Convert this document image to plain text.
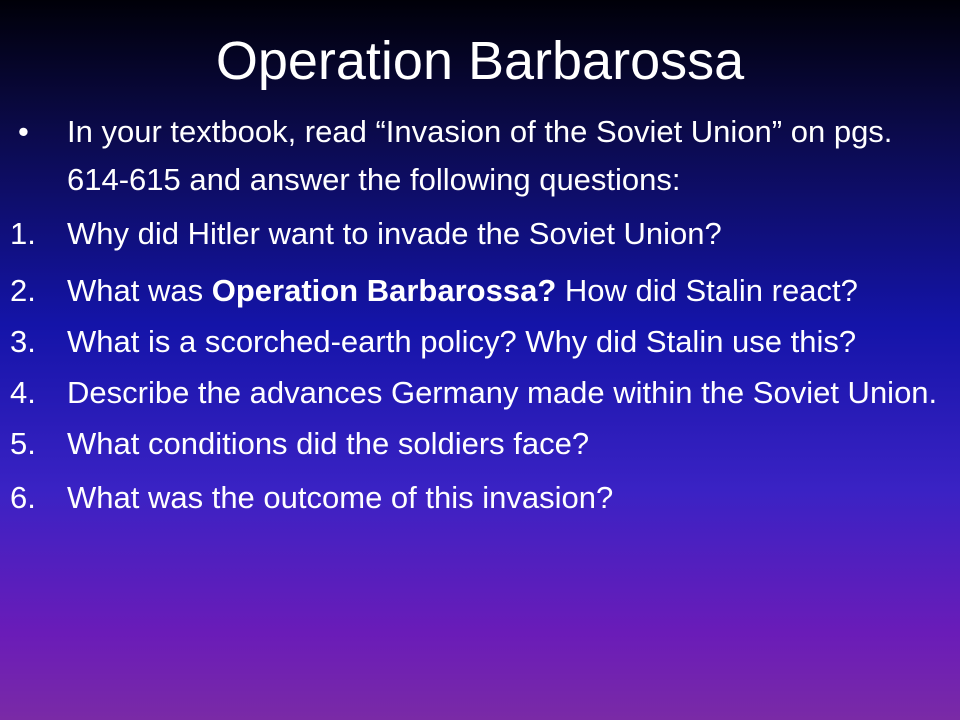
Operation Barbarossa
• In your textbook, read “Invasion of the Soviet Union” on pgs. 614-615 and answer the following questions:
1. Why did Hitler want to invade the Soviet Union?
2. What was Operation Barbarossa? How did Stalin react?
3. What is a scorched-earth policy? Why did Stalin use this?
4. Describe the advances Germany made within the Soviet Union.
5. What conditions did the soldiers face?
6. What was the outcome of this invasion?
